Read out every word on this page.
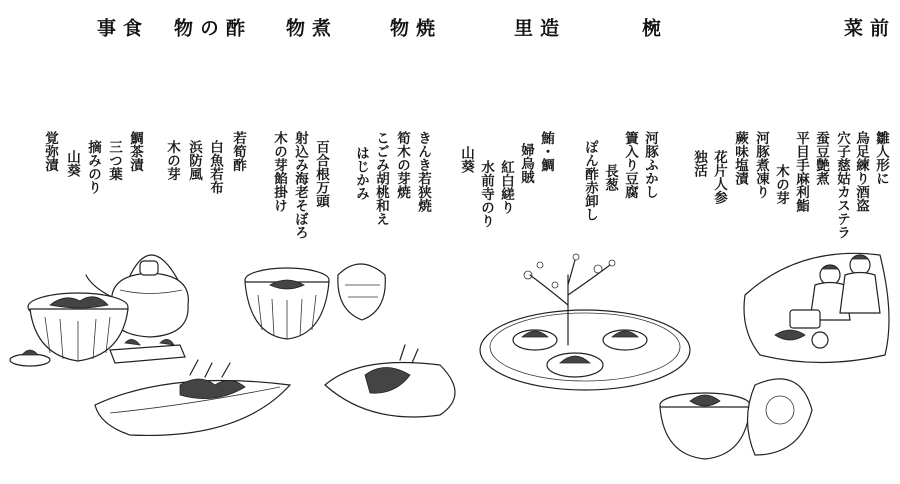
前
菜
雛人形に
烏足練り酒盗
穴子慈姑カステラ
蚕豆艶煮
平目手麻利鮨
木の芽
河豚煮凍り
蕨味塩漬
花片人参
独活
椀
河豚ふかし
簀入り豆腐
長葱
ぽん酢赤卸し
造
里
鮪・鯛
婦烏賊
紅白縒り
水前寺のり
山葵
焼
物
きんき若狭焼
筍木の芽焼
こごみ胡桃和え
はじかみ
煮
物
百合根万頭
射込み海老そぼろ
木の芽餡掛け
酢
の
物
若筍酢
白魚若布
浜防風
木の芽
食
事
鯛茶漬
三つ葉
摘みのり
山葵
覚弥漬
